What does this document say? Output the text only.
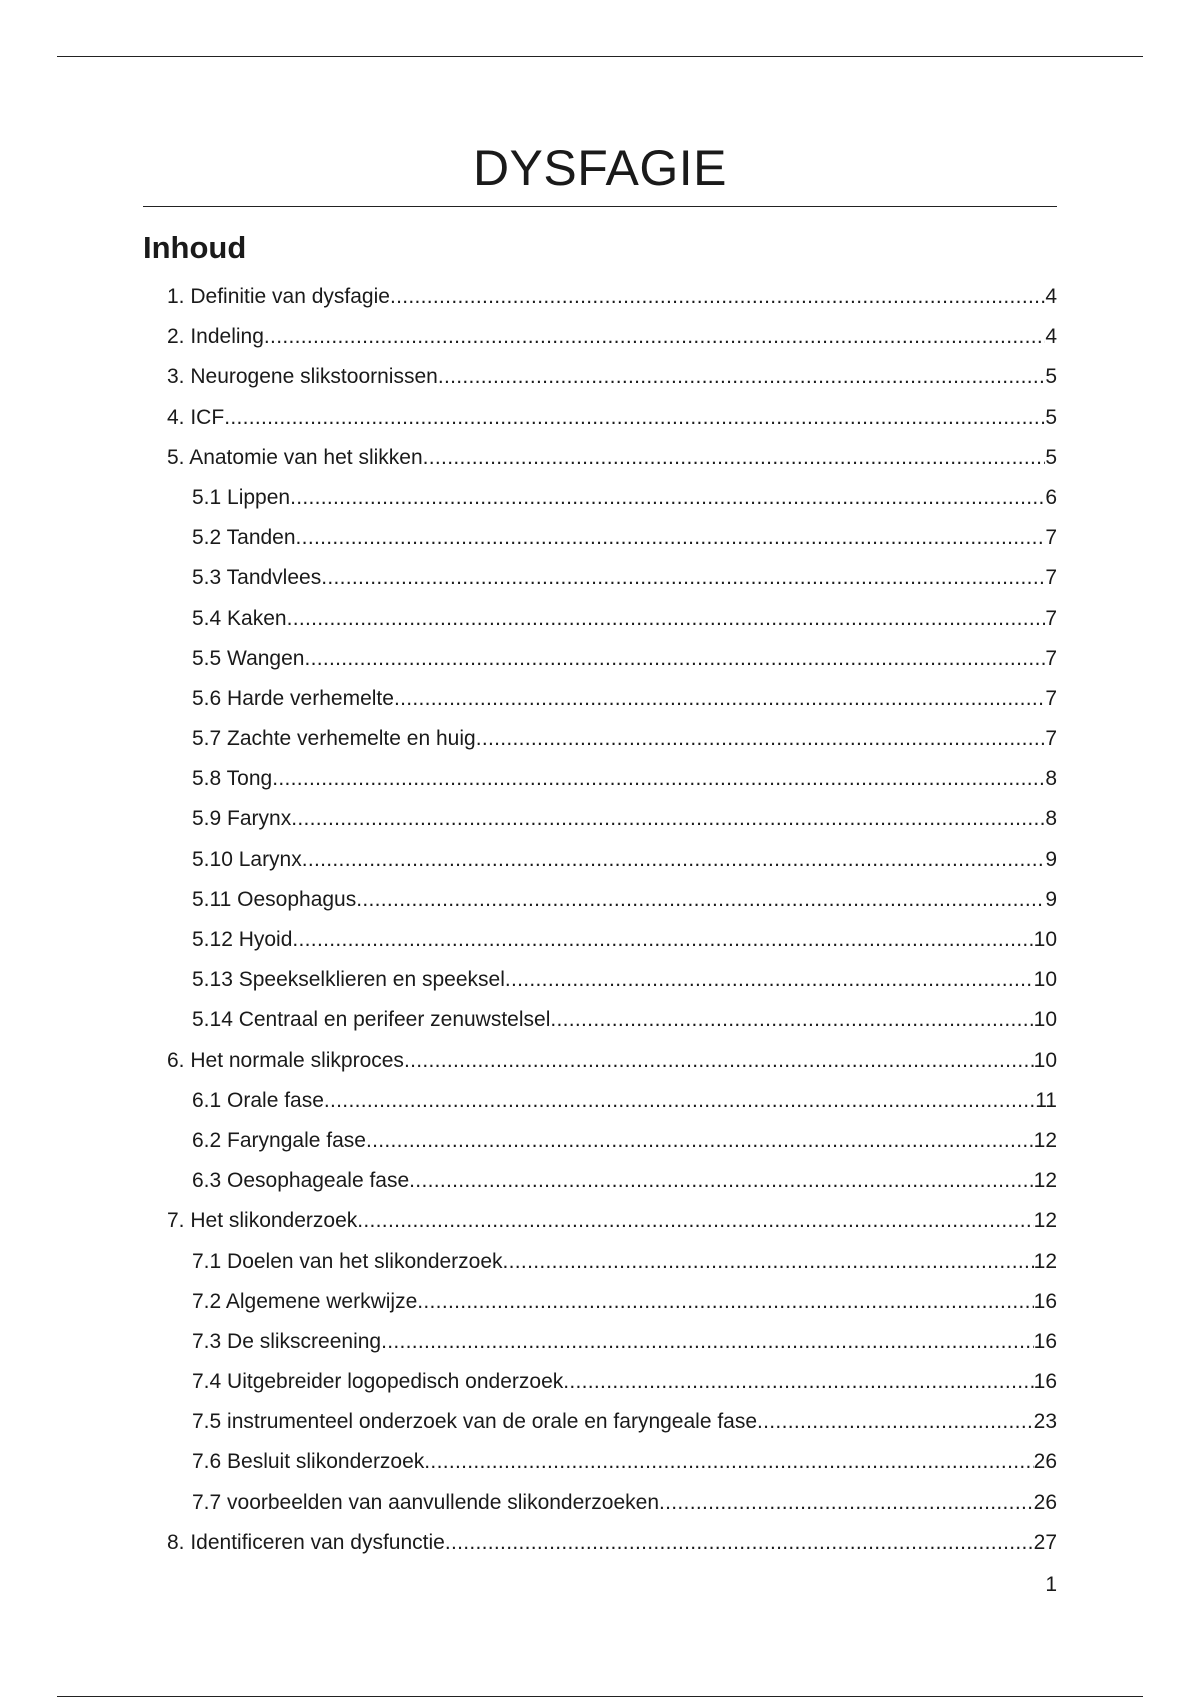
DYSFAGIE
Inhoud
1. Definitie van dysfagie .....	4
2. Indeling .....	4
3. Neurogene slikstoornissen .....	5
4. ICF .....	5
5. Anatomie van het slikken .....	5
5.1 Lippen .....	6
5.2 Tanden .....	7
5.3 Tandvlees .....	7
5.4 Kaken .....	7
5.5 Wangen .....	7
5.6 Harde verhemelte .....	7
5.7 Zachte verhemelte en huig .....	7
5.8 Tong .....	8
5.9 Farynx .....	8
5.10 Larynx .....	9
5.11 Oesophagus .....	9
5.12 Hyoid .....	10
5.13 Speekselklieren en speeksel .....	10
5.14 Centraal en perifeer zenuwstelsel .....	10
6. Het normale slikproces .....	10
6.1 Orale fase .....	11
6.2 Faryngale fase .....	12
6.3 Oesophageale fase .....	12
7. Het slikonderzoek .....	12
7.1 Doelen van het slikonderzoek .....	12
7.2 Algemene werkwijze .....	16
7.3 De slikscreening .....	16
7.4 Uitgebreider logopedisch onderzoek .....	16
7.5 instrumenteel onderzoek van de orale en faryngeale fase .....	23
7.6 Besluit slikonderzoek .....	26
7.7 voorbeelden van aanvullende slikonderzoeken .....	26
8. Identificeren van dysfunctie .....	27
1
